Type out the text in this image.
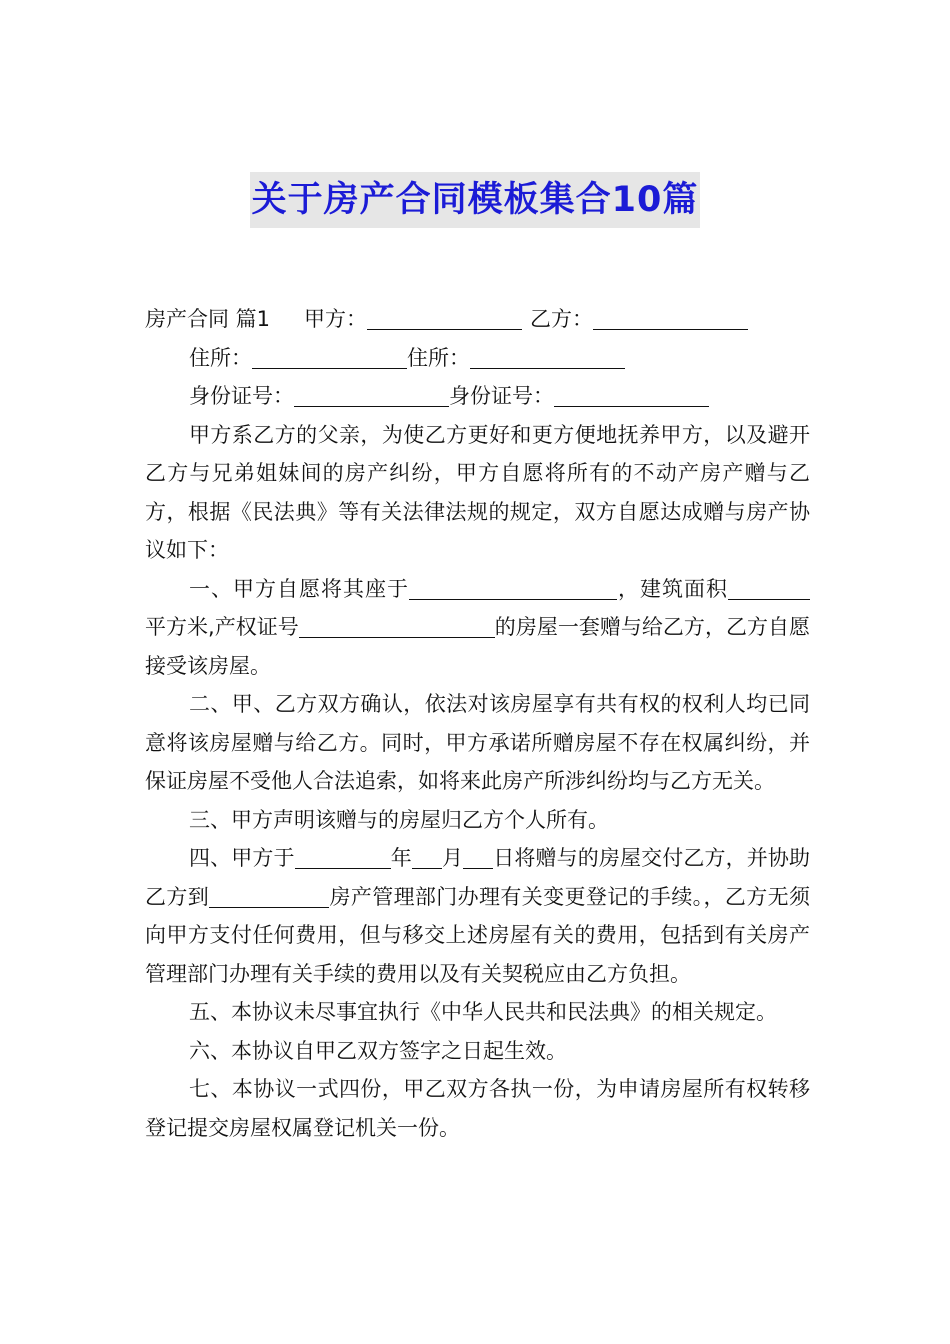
关于房产合同模板集合10篇
房产合同 篇1 甲方：	乙方：
住所：	住所：
身份证号：	身份证号：
甲方系乙方的父亲，为使乙方更好和更方便地抚养甲方，以及避开乙方与兄弟姐妹间的房产纠纷，甲方自愿将所有的不动产房产赠与乙方，根据《民法典》等有关法律法规的规定，双方自愿达成赠与房产协议如下：
一、甲方自愿将其座于	，建筑面积平方米,产权证号	的房屋一套赠与给乙方，乙方自愿接受该房屋。
二、甲、乙方双方确认，依法对该房屋享有共有权的权利人均已同意将该房屋赠与给乙方。同时，甲方承诺所赠房屋不存在权属纠纷，并保证房屋不受他人合法追索，如将来此房产所涉纠纷均与乙方无关。
三、甲方声明该赠与的房屋归乙方个人所有。
四、甲方于	年 月 日将赠与的房屋交付乙方，并协助乙方到	房产管理部门办理有关变更登记的手续。，乙方无须向甲方支付任何费用，但与移交上述房屋有关的费用，包括到有关房产管理部门办理有关手续的费用以及有关契税应由乙方负担。
五、本协议未尽事宜执行《中华人民共和民法典》的相关规定。
六、本协议自甲乙双方签字之日起生效。
七、本协议一式四份，甲乙双方各执一份，为申请房屋所有权转移登记提交房屋权属登记机关一份。
